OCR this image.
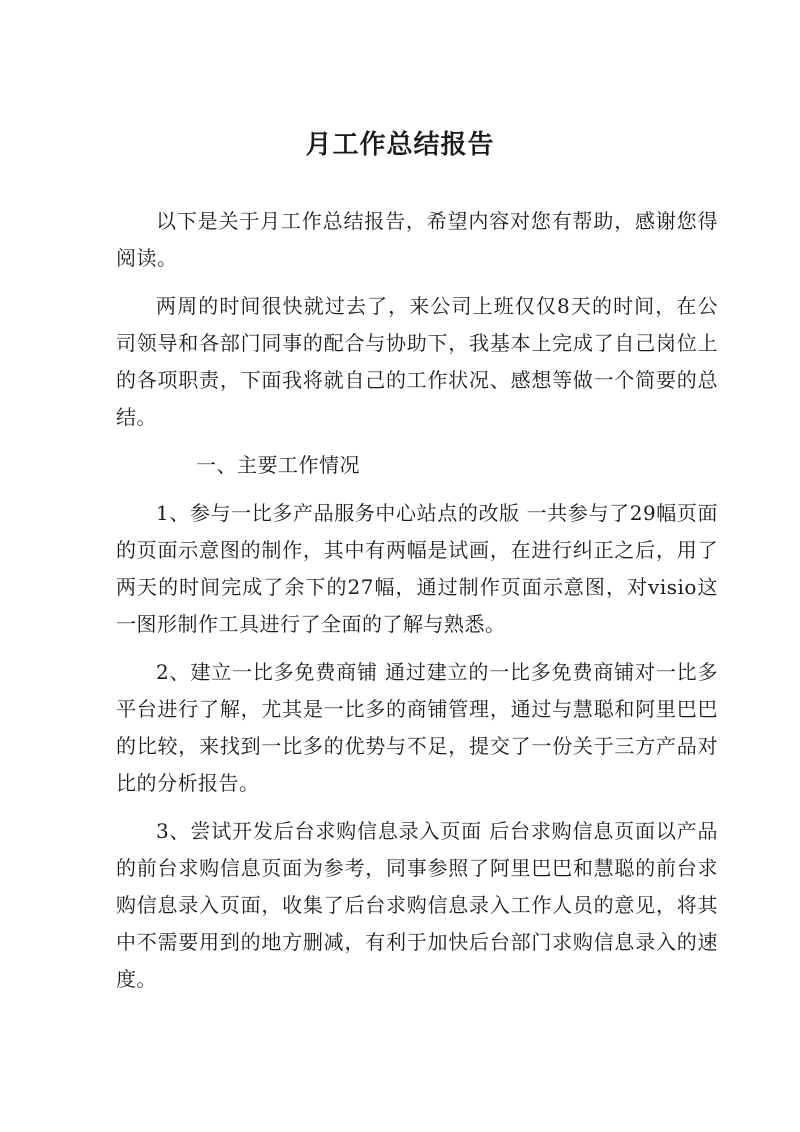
月工作总结报告

以下是关于月工作总结报告，希望内容对您有帮助，感谢您得阅读。

两周的时间很快就过去了，来公司上班仅仅8天的时间，在公司领导和各部门同事的配合与协助下，我基本上完成了自己岗位上的各项职责，下面我将就自己的工作状况、感想等做一个简要的总结。

一、主要工作情况

1、参与一比多产品服务中心站点的改版 一共参与了29幅页面的页面示意图的制作，其中有两幅是试画，在进行纠正之后，用了两天的时间完成了余下的27幅，通过制作页面示意图，对visio这一图形制作工具进行了全面的了解与熟悉。

2、建立一比多免费商铺 通过建立的一比多免费商铺对一比多平台进行了解，尤其是一比多的商铺管理，通过与慧聪和阿里巴巴的比较，来找到一比多的优势与不足，提交了一份关于三方产品对比的分析报告。

3、尝试开发后台求购信息录入页面 后台求购信息页面以产品的前台求购信息页面为参考，同事参照了阿里巴巴和慧聪的前台求购信息录入页面，收集了后台求购信息录入工作人员的意见，将其中不需要用到的地方删减，有利于加快后台部门求购信息录入的速度。
